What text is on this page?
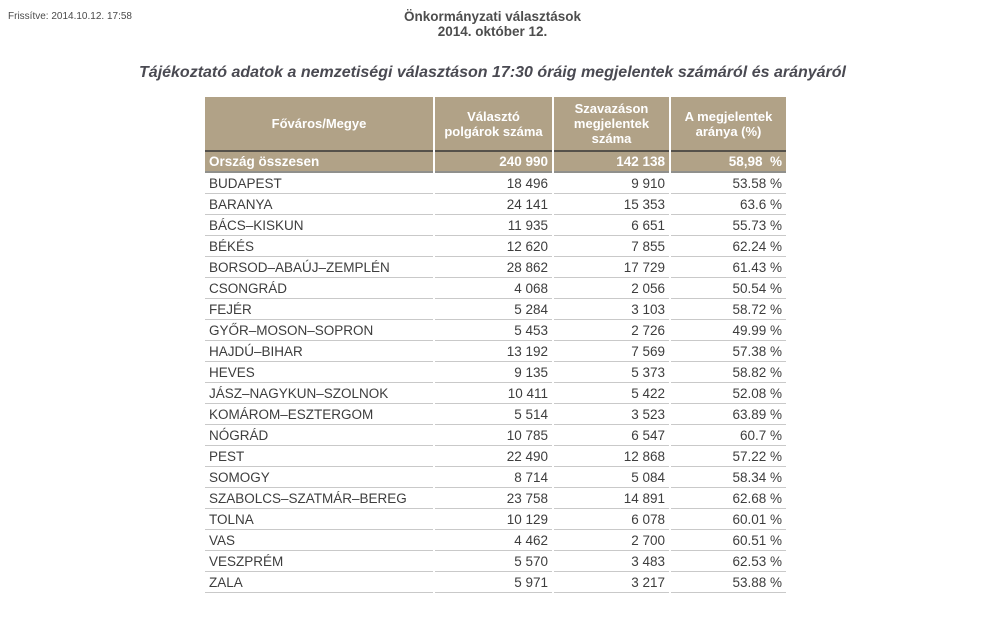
Frissítve: 2014.10.12. 17:58	Önkormányzati választások
2014. október 12.
Tájékoztató adatok a nemzetiségi választáson 17:30 óráig megjelentek számáról és arányáról
Főváros/Megye	Választó polgárok száma	Szavazáson megjelentek száma	A megjelentek aránya (%)
Ország összesen	240 990	142 138	58,98  %
BUDAPEST	18 496	9 910	53.58 %
BARANYA	24 141	15 353	63.6 %
BÁCS–KISKUN	11 935	6 651	55.73 %
BÉKÉS	12 620	7 855	62.24 %
BORSOD–ABAÚJ–ZEMPLÉN	28 862	17 729	61.43 %
CSONGRÁD	4 068	2 056	50.54 %
FEJÉR	5 284	3 103	58.72 %
GYŐR–MOSON–SOPRON	5 453	2 726	49.99 %
HAJDÚ–BIHAR	13 192	7 569	57.38 %
HEVES	9 135	5 373	58.82 %
JÁSZ–NAGYKUN–SZOLNOK	10 411	5 422	52.08 %
KOMÁROM–ESZTERGOM	5 514	3 523	63.89 %
NÓGRÁD	10 785	6 547	60.7 %
PEST	22 490	12 868	57.22 %
SOMOGY	8 714	5 084	58.34 %
SZABOLCS–SZATMÁR–BEREG	23 758	14 891	62.68 %
TOLNA	10 129	6 078	60.01 %
VAS	4 462	2 700	60.51 %
VESZPRÉM	5 570	3 483	62.53 %
ZALA	5 971	3 217	53.88 %
